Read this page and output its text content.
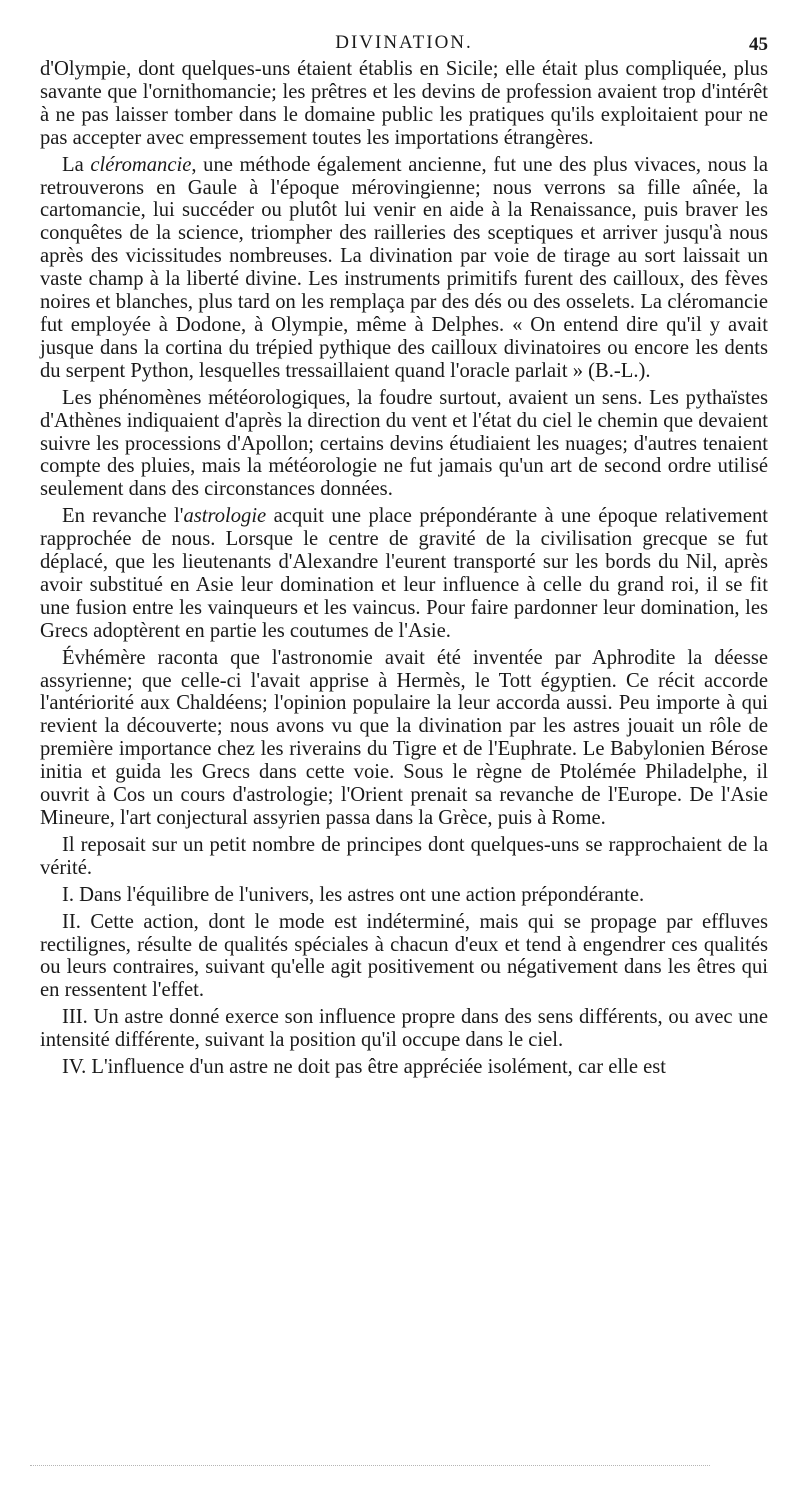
DIVINATION.	45

d'Olympie, dont quelques-uns étaient établis en Sicile; elle était plus compliquée, plus savante que l'ornithomancie; les prêtres et les devins de profession avaient trop d'intérêt à ne pas laisser tomber dans le domaine public les pratiques qu'ils exploitaient pour ne pas accepter avec empressement toutes les importations étrangères.

La cléromancie, une méthode également ancienne, fut une des plus vivaces, nous la retrouverons en Gaule à l'époque mérovingienne; nous verrons sa fille aînée, la cartomancie, lui succéder ou plutôt lui venir en aide à la Renaissance, puis braver les conquêtes de la science, triompher des railleries des sceptiques et arriver jusqu'à nous après des vicissitudes nombreuses. La divination par voie de tirage au sort laissait un vaste champ à la liberté divine. Les instruments primitifs furent des cailloux, des fèves noires et blanches, plus tard on les remplaça par des dés ou des osselets. La cléromancie fut employée à Dodone, à Olympie, même à Delphes. « On entend dire qu'il y avait jusque dans la cortina du trépied pythique des cailloux divinatoires ou encore les dents du serpent Python, lesquelles tressaillaient quand l'oracle parlait » (B.-L.).

Les phénomènes météorologiques, la foudre surtout, avaient un sens. Les pythaïstes d'Athènes indiquaient d'après la direction du vent et l'état du ciel le chemin que devaient suivre les processions d'Apollon; certains devins étudiaient les nuages; d'autres tenaient compte des pluies, mais la météorologie ne fut jamais qu'un art de second ordre utilisé seulement dans des circonstances données.

En revanche l'astrologie acquit une place prépondérante à une époque relativement rapprochée de nous. Lorsque le centre de gravité de la civilisation grecque se fut déplacé, que les lieutenants d'Alexandre l'eurent transporté sur les bords du Nil, après avoir substitué en Asie leur domination et leur influence à celle du grand roi, il se fit une fusion entre les vainqueurs et les vaincus. Pour faire pardonner leur domination, les Grecs adoptèrent en partie les coutumes de l'Asie.

Évhémère raconta que l'astronomie avait été inventée par Aphrodite la déesse assyrienne; que celle-ci l'avait apprise à Hermès, le Tott égyptien. Ce récit accorde l'antériorité aux Chaldéens; l'opinion populaire la leur accorda aussi. Peu importe à qui revient la découverte; nous avons vu que la divination par les astres jouait un rôle de première importance chez les riverains du Tigre et de l'Euphrate. Le Babylonien Bérose initia et guida les Grecs dans cette voie. Sous le règne de Ptolémée Philadelphe, il ouvrit à Cos un cours d'astrologie; l'Orient prenait sa revanche de l'Europe. De l'Asie Mineure, l'art conjectural assyrien passa dans la Grèce, puis à Rome.

Il reposait sur un petit nombre de principes dont quelques-uns se rapprochaient de la vérité.

I. Dans l'équilibre de l'univers, les astres ont une action prépondérante.

II. Cette action, dont le mode est indéterminé, mais qui se propage par effluves rectilignes, résulte de qualités spéciales à chacun d'eux et tend à engendrer ces qualités ou leurs contraires, suivant qu'elle agit positivement ou négativement dans les êtres qui en ressentent l'effet.

III. Un astre donné exerce son influence propre dans des sens différents, ou avec une intensité différente, suivant la position qu'il occupe dans le ciel.

IV. L'influence d'un astre ne doit pas être appréciée isolément, car elle est
